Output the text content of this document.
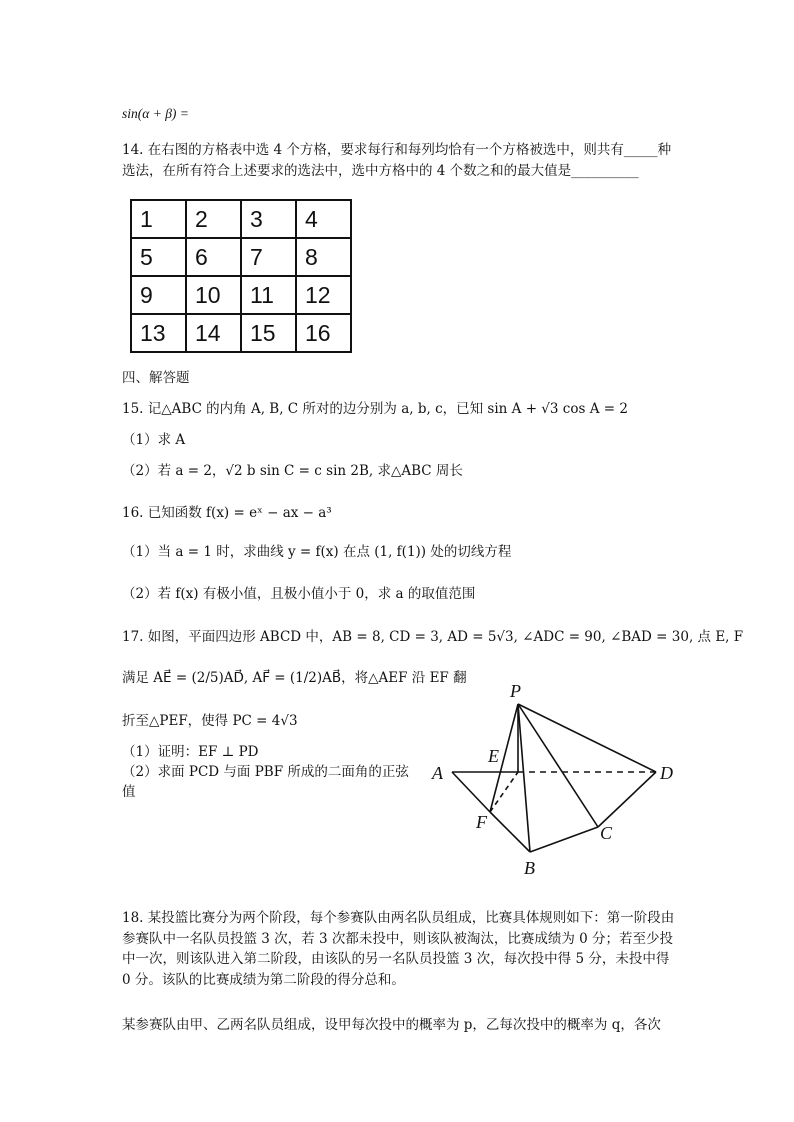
sin(α + β) =
14. 在右图的方格表中选 4 个方格，要求每行和每列均恰有一个方格被选中，则共有_____种
选法，在所有符合上述要求的选法中，选中方格中的 4 个数之和的最大值是__________
1	2	3	4
5	6	7	8
9	10	11	12
13	14	15	16
四、解答题
15. 记△ABC 的内角 A, B, C 所对的边分别为 a, b, c，已知 sin A + √3 cos A = 2
（1）求 A
（2）若 a = 2，√2 b sin C = c sin 2B, 求△ABC 周长
16. 已知函数 f(x) = eˣ − ax − a³
（1）当 a = 1 时，求曲线 y = f(x) 在点 (1, f(1)) 处的切线方程
（2）若 f(x) 有极小值，且极小值小于 0，求 a 的取值范围
17. 如图，平面四边形 ABCD 中，AB = 8, CD = 3, AD = 5√3, ∠ADC = 90, ∠BAD = 30, 点 E, F
满足 AE⃗ = (2/5)AD⃗, AF⃗ = (1/2)AB⃗，将△AEF 沿 EF 翻
折至△PEF，使得 PC = 4√3
（1）证明：EF ⊥ PD
（2）求面 PCD 与面 PBF 所成的二面角的正弦
值
P
E
A	D
F
C
B
18. 某投篮比赛分为两个阶段，每个参赛队由两名队员组成，比赛具体规则如下：第一阶段由参赛队中一名队员投篮 3 次，若 3 次都未投中，则该队被淘汰，比赛成绩为 0 分；若至少投中一次，则该队进入第二阶段，由该队的另一名队员投篮 3 次，每次投中得 5 分，未投中得 0 分。该队的比赛成绩为第二阶段的得分总和。
某参赛队由甲、乙两名队员组成，设甲每次投中的概率为 p，乙每次投中的概率为 q，各次
